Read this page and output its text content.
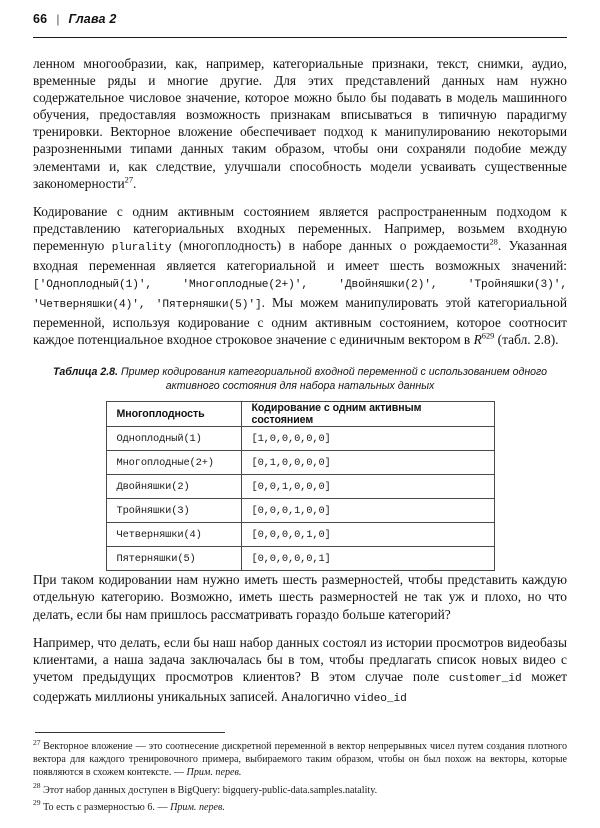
66 | Глава 2

ленном многообразии, как, например, категориальные признаки, текст, снимки, аудио, временные ряды и многие другие. Для этих представлений данных нам нужно содержательное числовое значение, которое можно было бы подавать в модель машинного обучения, предоставляя возможность признакам вписываться в типичную парадигму тренировки. Векторное вложение обеспечивает подход к манипулированию некоторыми разрозненными типами данных таким образом, чтобы они сохраняли подобие между элементами и, как следствие, улучшали способность модели усваивать существенные закономерности$^{27}$.

Кодирование с одним активным состоянием является распространенным подходом к представлению категориальных входных переменных. Например, возьмем входную переменную plurality (многоплодность) в наборе данных о рождаемости$^{28}$. Указанная входная переменная является категориальной и имеет шесть возможных значений: ['Одноплодный(1)', 'Многоплодные(2+)', 'Двойняшки(2)', 'Тройняшки(3)', 'Четверняшки(4)', 'Пятерняшки(5)']. Мы можем манипулировать этой категориальной переменной, используя кодирование с одним активным состоянием, которое соотносит каждое потенциальное входное строковое значение с единичным вектором в R$^{629}$ (табл. 2.8).

Таблица 2.8. Пример кодирования категориальной входной переменной с использованием одного активного состояния для набора натальных данных
Многоплодность	Кодирование с одним активным состоянием
Одноплодный(1)	[1,0,0,0,0,0]
Многоплодные(2+)	[0,1,0,0,0,0]
Двойняшки(2)	[0,0,1,0,0,0]
Тройняшки(3)	[0,0,0,1,0,0]
Четверняшки(4)	[0,0,0,0,1,0]
Пятерняшки(5)	[0,0,0,0,0,1]

При таком кодировании нам нужно иметь шесть размерностей, чтобы представить каждую отдельную категорию. Возможно, иметь шесть размерностей не так уж и плохо, но что делать, если бы нам пришлось рассматривать гораздо больше категорий?

Например, что делать, если бы наш набор данных состоял из истории просмотров видеобазы клиентами, а наша задача заключалась бы в том, чтобы предлагать список новых видео с учетом предыдущих просмотров клиентов? В этом случае поле customer_id может содержать миллионы уникальных записей. Аналогично video_id

$^{27}$ Векторное вложение — это соотнесение дискретной переменной в вектор непрерывных чисел путем создания плотного вектора для каждого тренировочного примера, выбираемого таким образом, чтобы он был похож на векторы, которые появляются в схожем контексте. — Прим. перев.

$^{28}$ Этот набор данных доступен в BigQuery: bigquery-public-data.samples.natality.

$^{29}$ То есть с размерностью 6. — Прим. перев.
